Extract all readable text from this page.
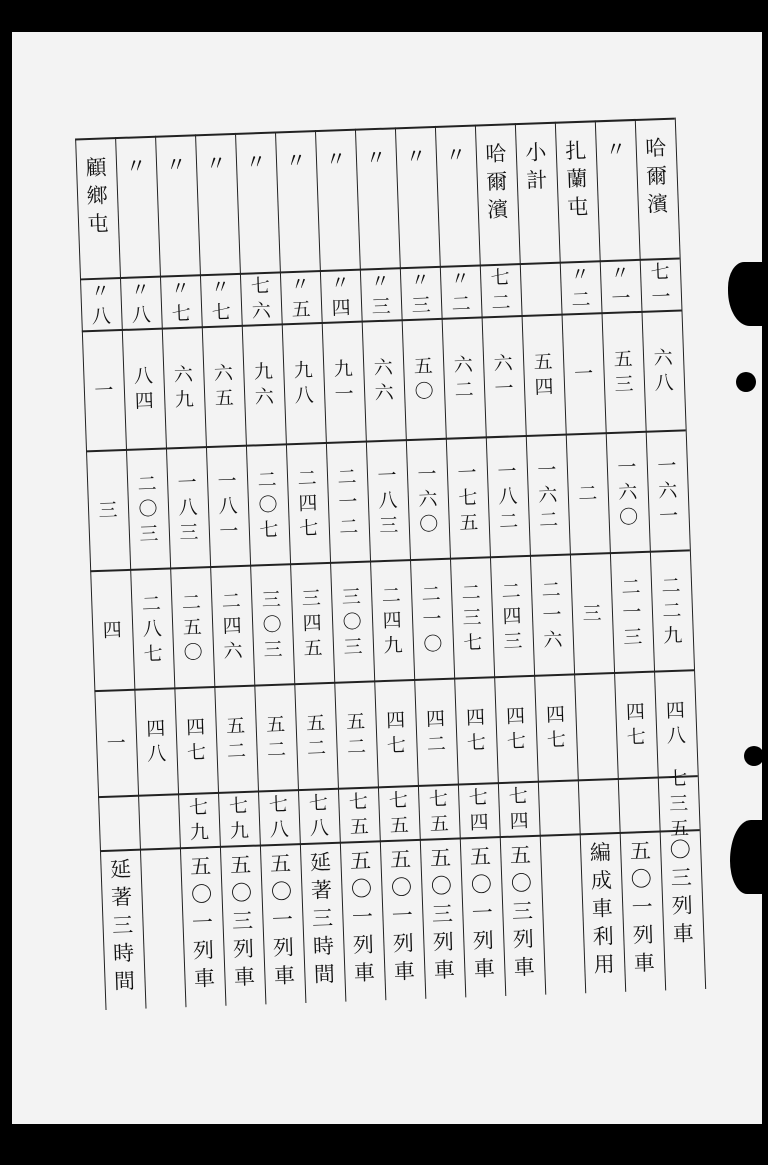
哈爾濱
七一
六八
一六一
二二九
四八
七三五
〇三列車
〃
〃一
五三
一六〇
二一三
四七
五〇一列車
扎蘭屯
〃二
一
二
三
編成車利用
小計
五四
一六二
二一六
四七
哈爾濱
七二
六一
一八二
二四三
四七
七四
五〇三列車
〃
〃二
六二
一七五
二三七
四七
七四
五〇一列車
〃
〃三
五〇
一六〇
二一〇
四二
七五
五〇三列車
〃
〃三
六六
一八三
二四九
四七
七五
五〇一列車
〃
〃四
九一
二一二
三〇三
五二
七五
五〇一列車
〃
〃五
九八
二四七
三四五
五二
七八
延著三時間
〃
七六
九六
二〇七
三〇三
五二
七八
五〇一列車
〃
〃七
六五
一八一
二四六
五二
七九
五〇三列車
〃
〃七
六九
一八三
二五〇
四七
七九
五〇一列車
〃
〃八
八四
二〇三
二八七
四八
顧鄉屯
〃八
一
三
四
一
延著三時間
